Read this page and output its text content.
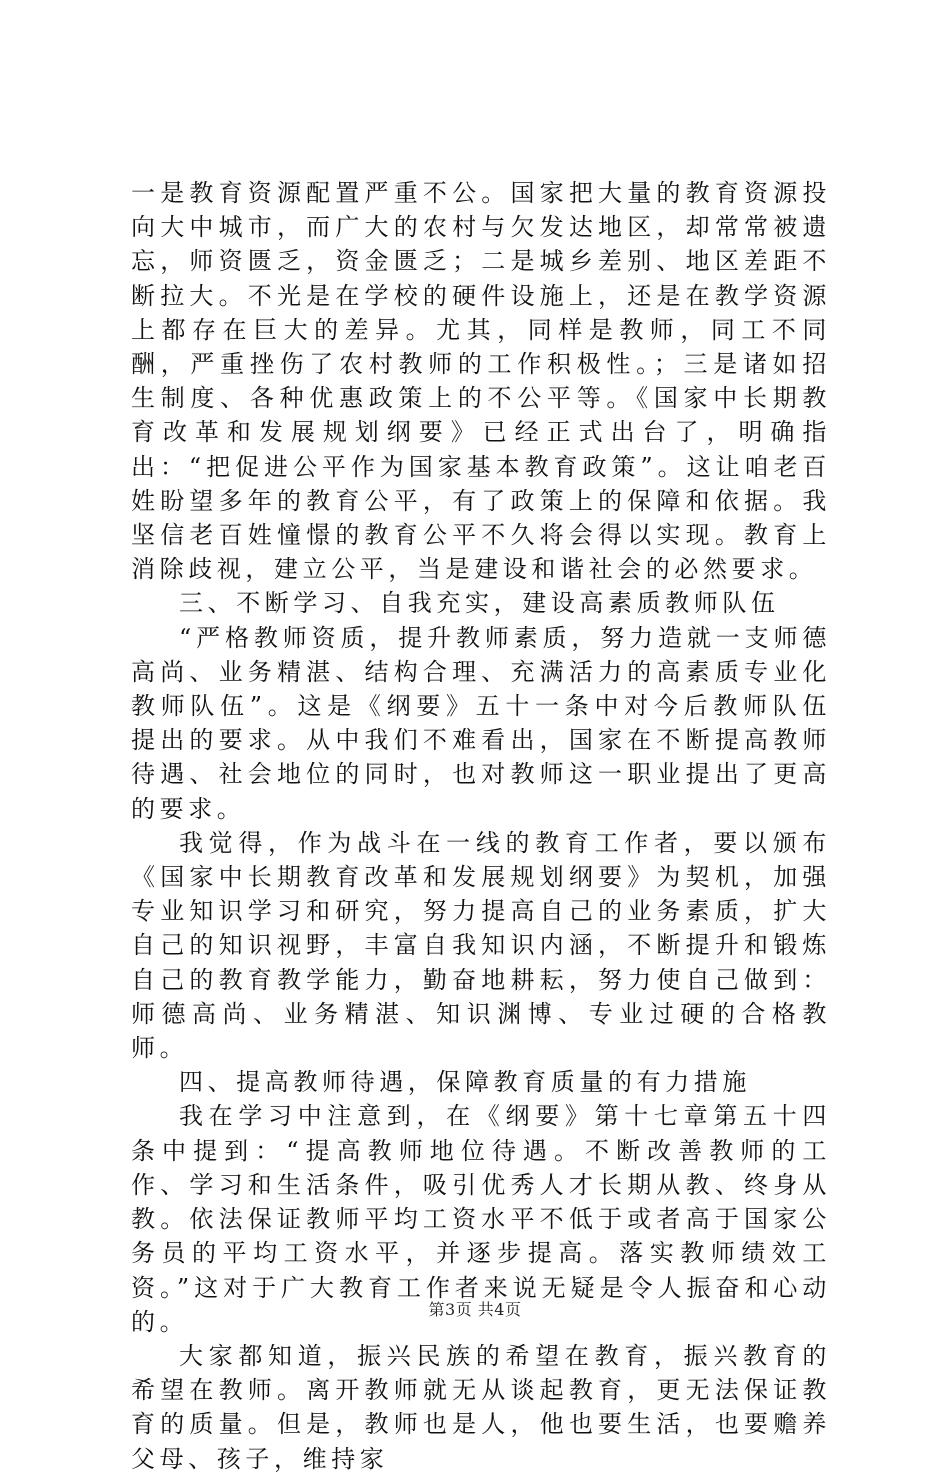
一是教育资源配置严重不公。国家把大量的教育资源投向大中城市，而广大的农村与欠发达地区，却常常被遗忘，师资匮乏，资金匮乏；二是城乡差别、地区差距不断拉大。不光是在学校的硬件设施上，还是在教学资源上都存在巨大的差异。尤其，同样是教师，同工不同酬，严重挫伤了农村教师的工作积极性。；三是诸如招生制度、各种优惠政策上的不公平等。《国家中长期教育改革和发展规划纲要》已经正式出台了，明确指出：“把促进公平作为国家基本教育政策”。这让咱老百姓盼望多年的教育公平，有了政策上的保障和依据。我坚信老百姓憧憬的教育公平不久将会得以实现。教育上消除歧视，建立公平，当是建设和谐社会的必然要求。

三、不断学习、自我充实，建设高素质教师队伍

“严格教师资质，提升教师素质，努力造就一支师德高尚、业务精湛、结构合理、充满活力的高素质专业化教师队伍”。这是《纲要》五十一条中对今后教师队伍提出的要求。从中我们不难看出，国家在不断提高教师待遇、社会地位的同时，也对教师这一职业提出了更高的要求。

我觉得，作为战斗在一线的教育工作者，要以颁布《国家中长期教育改革和发展规划纲要》为契机，加强专业知识学习和研究，努力提高自己的业务素质，扩大自己的知识视野，丰富自我知识内涵，不断提升和锻炼自己的教育教学能力，勤奋地耕耘，努力使自己做到：师德高尚、业务精湛、知识渊博、专业过硬的合格教师。

四、提高教师待遇，保障教育质量的有力措施

我在学习中注意到，在《纲要》第十七章第五十四条中提到：“提高教师地位待遇。不断改善教师的工作、学习和生活条件，吸引优秀人才长期从教、终身从教。依法保证教师平均工资水平不低于或者高于国家公务员的平均工资水平，并逐步提高。落实教师绩效工资。”这对于广大教育工作者来说无疑是令人振奋和心动的。

大家都知道，振兴民族的希望在教育，振兴教育的希望在教师。离开教师就无从谈起教育，更无法保证教育的质量。但是，教师也是人，他也要生活，也要赡养父母、孩子，维持家

第3页 共4页
